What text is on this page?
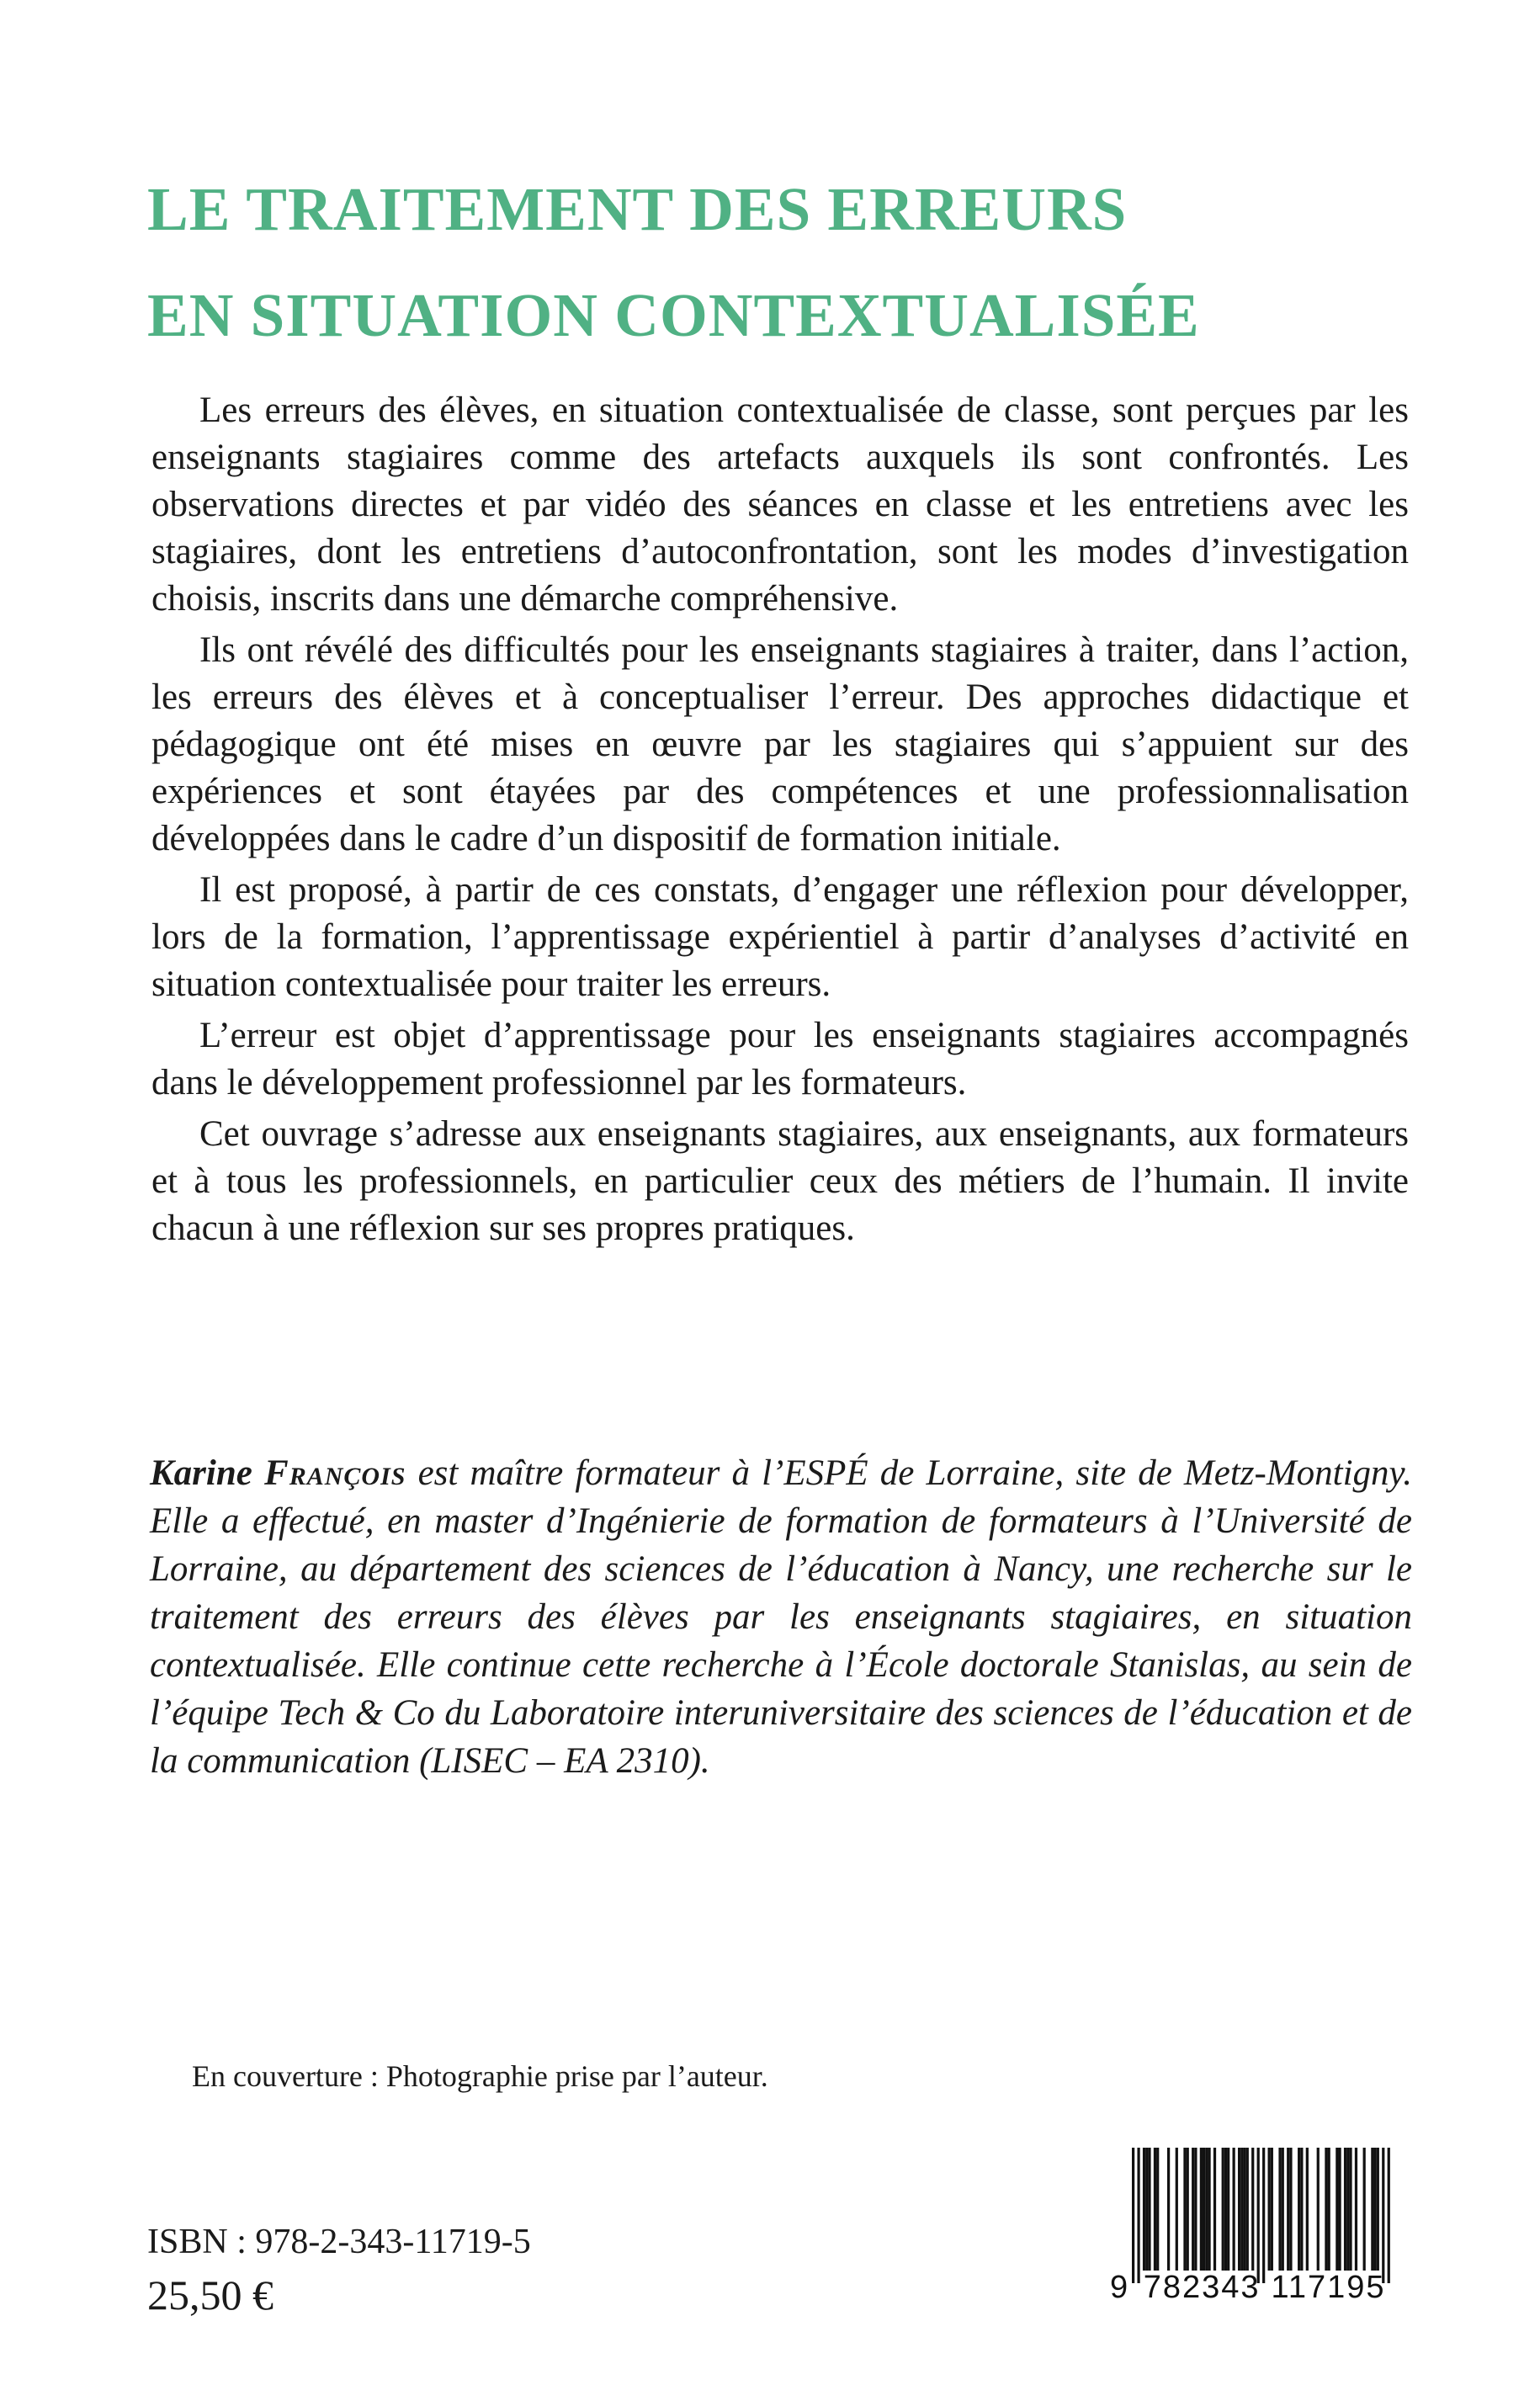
LE TRAITEMENT DES ERREURS
EN SITUATION CONTEXTUALISÉE

Les erreurs des élèves, en situation contextualisée de classe, sont perçues par les enseignants stagiaires comme des artefacts auxquels ils sont confrontés. Les observations directes et par vidéo des séances en classe et les entretiens avec les stagiaires, dont les entretiens d’autoconfrontation, sont les modes d’investigation choisis, inscrits dans une démarche compréhensive.

Ils ont révélé des difficultés pour les enseignants stagiaires à traiter, dans l’action, les erreurs des élèves et à conceptualiser l’erreur. Des approches didactique et pédagogique ont été mises en œuvre par les stagiaires qui s’appuient sur des expériences et sont étayées par des compétences et une professionnalisation développées dans le cadre d’un dispositif de formation initiale.

Il est proposé, à partir de ces constats, d’engager une réflexion pour développer, lors de la formation, l’apprentissage expérientiel à partir d’analyses d’activité en situation contextualisée pour traiter les erreurs.

L’erreur est objet d’apprentissage pour les enseignants stagiaires accompagnés dans le développement professionnel par les formateurs.

Cet ouvrage s’adresse aux enseignants stagiaires, aux enseignants, aux formateurs et à tous les professionnels, en particulier ceux des métiers de l’humain. Il invite chacun à une réflexion sur ses propres pratiques.

Karine François est maître formateur à l’ESPÉ de Lorraine, site de Metz-Montigny. Elle a effectué, en master d’Ingénierie de formation de formateurs à l’Université de Lorraine, au département des sciences de l’éducation à Nancy, une recherche sur le traitement des erreurs des élèves par les enseignants stagiaires, en situation contextualisée. Elle continue cette recherche à l’École doctorale Stanislas, au sein de l’équipe Tech & Co du Laboratoire interuniversitaire des sciences de l’éducation et de la communication (LISEC – EA 2310).
En couverture : Photographie prise par l’auteur.
ISBN : 978-2-343-11719-5
25,50 €	9 782343 117195
